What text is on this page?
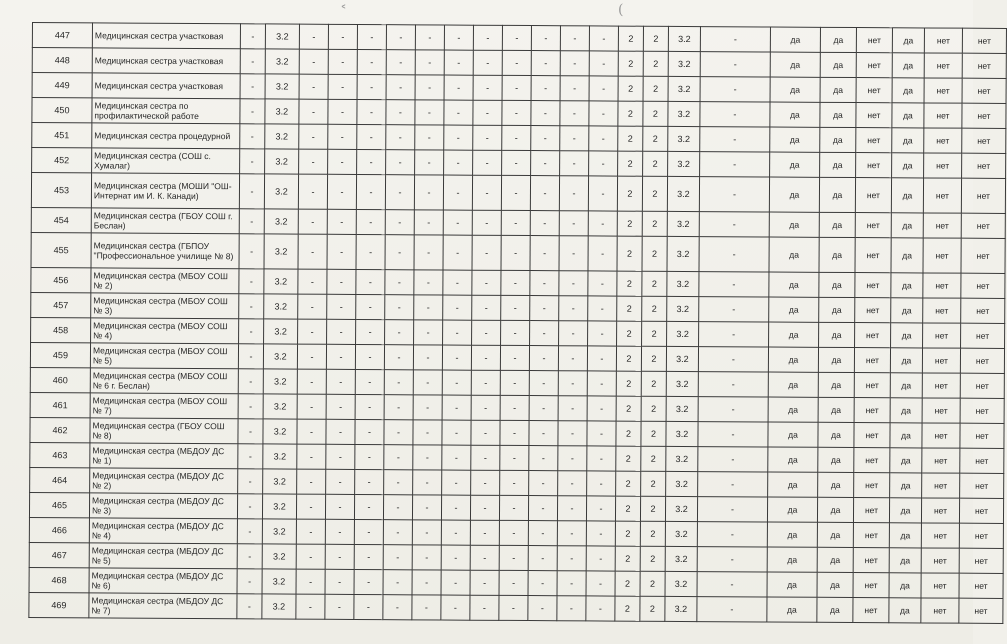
˂	(
447	Медицинская сестра участковая	-	3.2	-	-	-	-	-	-	-	-	-	-	-	2	2	3.2	-	да	да	нет	да	нет	нет
448	Медицинская сестра участковая	-	3.2	-	-	-	-	-	-	-	-	-	-	-	2	2	3.2	-	да	да	нет	да	нет	нет
449	Медицинская сестра участковая	-	3.2	-	-	-	-	-	-	-	-	-	-	-	2	2	3.2	-	да	да	нет	да	нет	нет
450	Медицинская сестра по профилактической работе	-	3.2	-	-	-	-	-	-	-	-	-	-	-	2	2	3.2	-	да	да	нет	да	нет	нет
451	Медицинская сестра процедурной	-	3.2	-	-	-	-	-	-	-	-	-	-	-	2	2	3.2	-	да	да	нет	да	нет	нет
452	Медицинская сестра (СОШ с. Хумалаг)	-	3.2	-	-	-	-	-	-	-	-	-	-	-	2	2	3.2	-	да	да	нет	да	нет	нет
453	Медицинская сестра (МОШИ "ОШ-Интернат им И. К. Канади)	-	3.2	-	-	-	-	-	-	-	-	-	-	-	2	2	3.2	-	да	да	нет	да	нет	нет
454	Медицинская сестра (ГБОУ СОШ г. Беслан)	-	3.2	-	-	-	-	-	-	-	-	-	-	-	2	2	3.2	-	да	да	нет	да	нет	нет
455	Медицинская сестра (ГБПОУ "Профессиональное училище № 8)	-	3.2	-	-	-	-	-	-	-	-	-	-	-	2	2	3.2	-	да	да	нет	да	нет	нет
456	Медицинская сестра (МБОУ СОШ № 2)	-	3.2	-	-	-	-	-	-	-	-	-	-	-	2	2	3.2	-	да	да	нет	да	нет	нет
457	Медицинская сестра (МБОУ СОШ № 3)	-	3.2	-	-	-	-	-	-	-	-	-	-	-	2	2	3.2	-	да	да	нет	да	нет	нет
458	Медицинская сестра (МБОУ СОШ № 4)	-	3.2	-	-	-	-	-	-	-	-	-	-	-	2	2	3.2	-	да	да	нет	да	нет	нет
459	Медицинская сестра (МБОУ СОШ № 5)	-	3.2	-	-	-	-	-	-	-	-	-	-	-	2	2	3.2	-	да	да	нет	да	нет	нет
460	Медицинская сестра (МБОУ СОШ № 6 г. Беслан)	-	3.2	-	-	-	-	-	-	-	-	-	-	-	2	2	3.2	-	да	да	нет	да	нет	нет
461	Медицинская сестра (МБОУ СОШ № 7)	-	3.2	-	-	-	-	-	-	-	-	-	-	-	2	2	3.2	-	да	да	нет	да	нет	нет
462	Медицинская сестра (ГБОУ СОШ № 8)	-	3.2	-	-	-	-	-	-	-	-	-	-	-	2	2	3.2	-	да	да	нет	да	нет	нет
463	Медицинская сестра (МБДОУ ДС № 1)	-	3.2	-	-	-	-	-	-	-	-	-	-	-	2	2	3.2	-	да	да	нет	да	нет	нет
464	Медицинская сестра (МБДОУ ДС № 2)	-	3.2	-	-	-	-	-	-	-	-	-	-	-	2	2	3.2	-	да	да	нет	да	нет	нет
465	Медицинская сестра (МБДОУ ДС № 3)	-	3.2	-	-	-	-	-	-	-	-	-	-	-	2	2	3.2	-	да	да	нет	да	нет	нет
466	Медицинская сестра (МБДОУ ДС № 4)	-	3.2	-	-	-	-	-	-	-	-	-	-	-	2	2	3.2	-	да	да	нет	да	нет	нет
467	Медицинская сестра (МБДОУ ДС № 5)	-	3.2	-	-	-	-	-	-	-	-	-	-	-	2	2	3.2	-	да	да	нет	да	нет	нет
468	Медицинская сестра (МБДОУ ДС № 6)	-	3.2	-	-	-	-	-	-	-	-	-	-	-	2	2	3.2	-	да	да	нет	да	нет	нет
469	Медицинская сестра (МБДОУ ДС № 7)	-	3.2	-	-	-	-	-	-	-	-	-	-	-	2	2	3.2	-	да	да	нет	да	нет	нет
